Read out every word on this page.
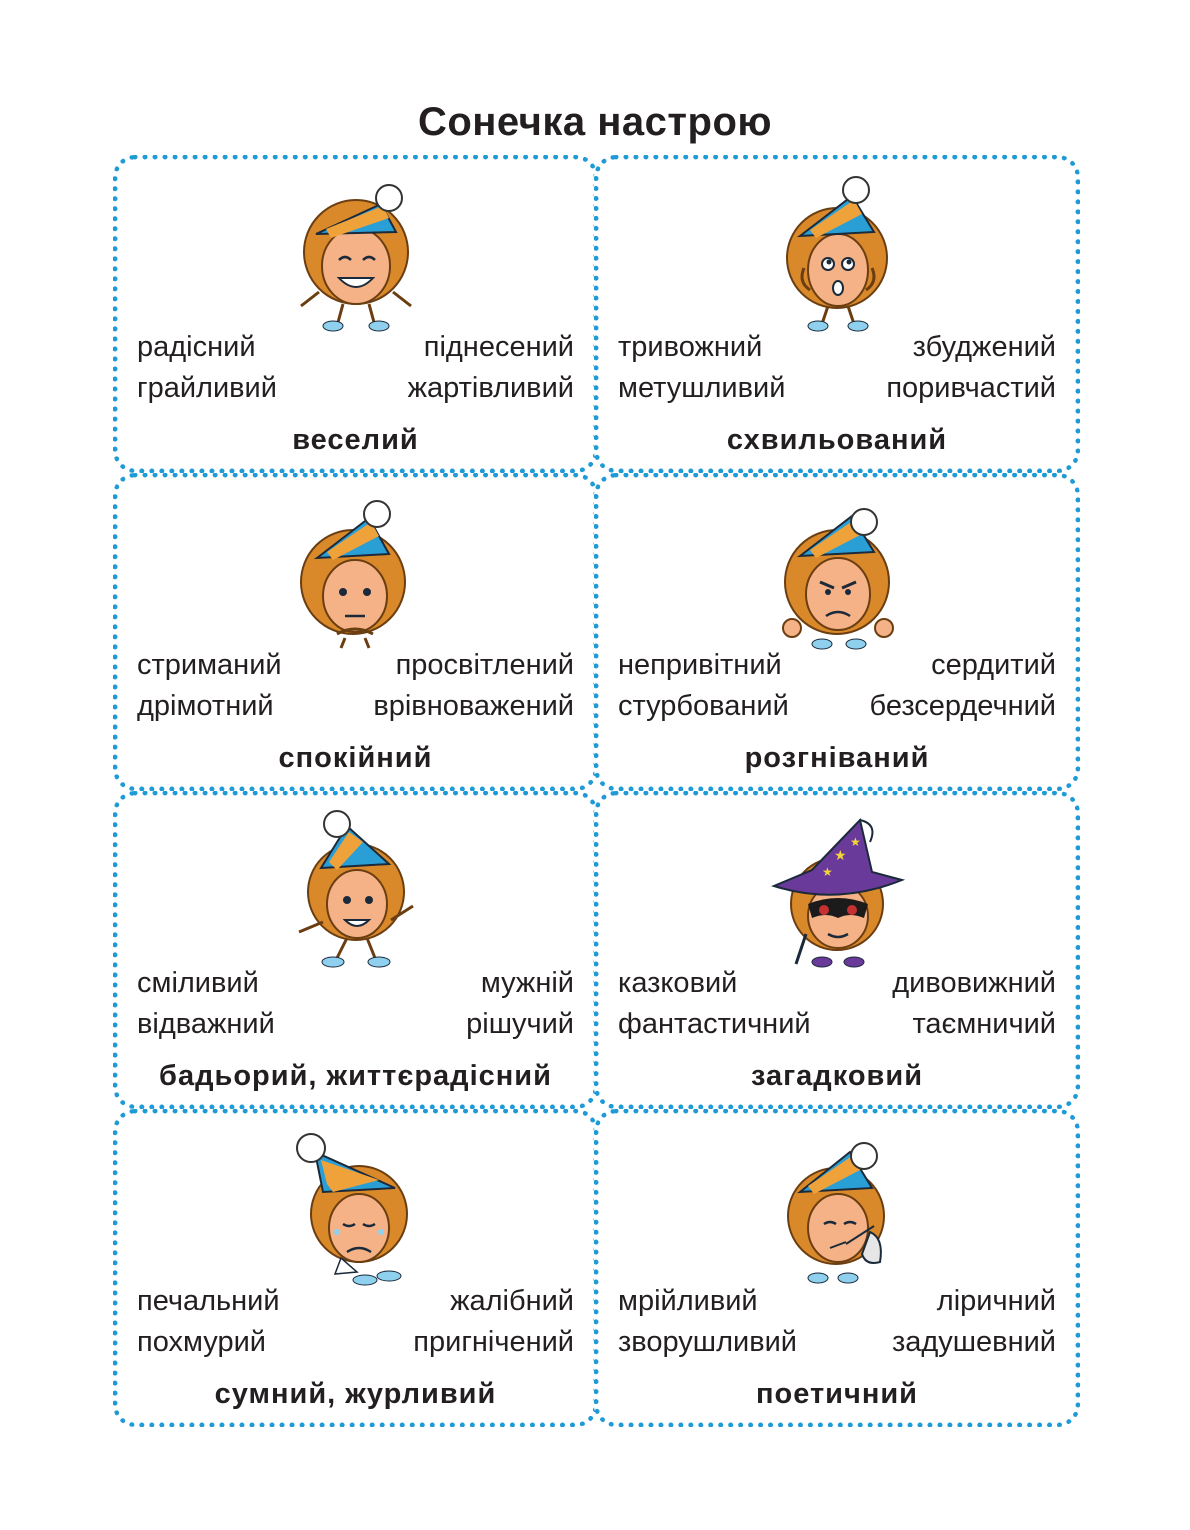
Сонечка настрою
радісний	піднесений
грайливий	жартівливий
веселий
тривожний	збуджений
метушливий	поривчастий
схвильований
стриманий	просвітлений
дрімотний	врівноважений
спокійний
непривітний	сердитий
стурбований	безсердечний
розгніваний
сміливий	мужній
відважний	рішучий
бадьорий, життєрадісний
★
★
★
казковий	дивовижний
фантастичний	таємничий
загадковий
печальний	жалібний
похмурий	пригнічений
сумний, журливий
мрійливий	ліричний
зворушливий	задушевний
поетичний
